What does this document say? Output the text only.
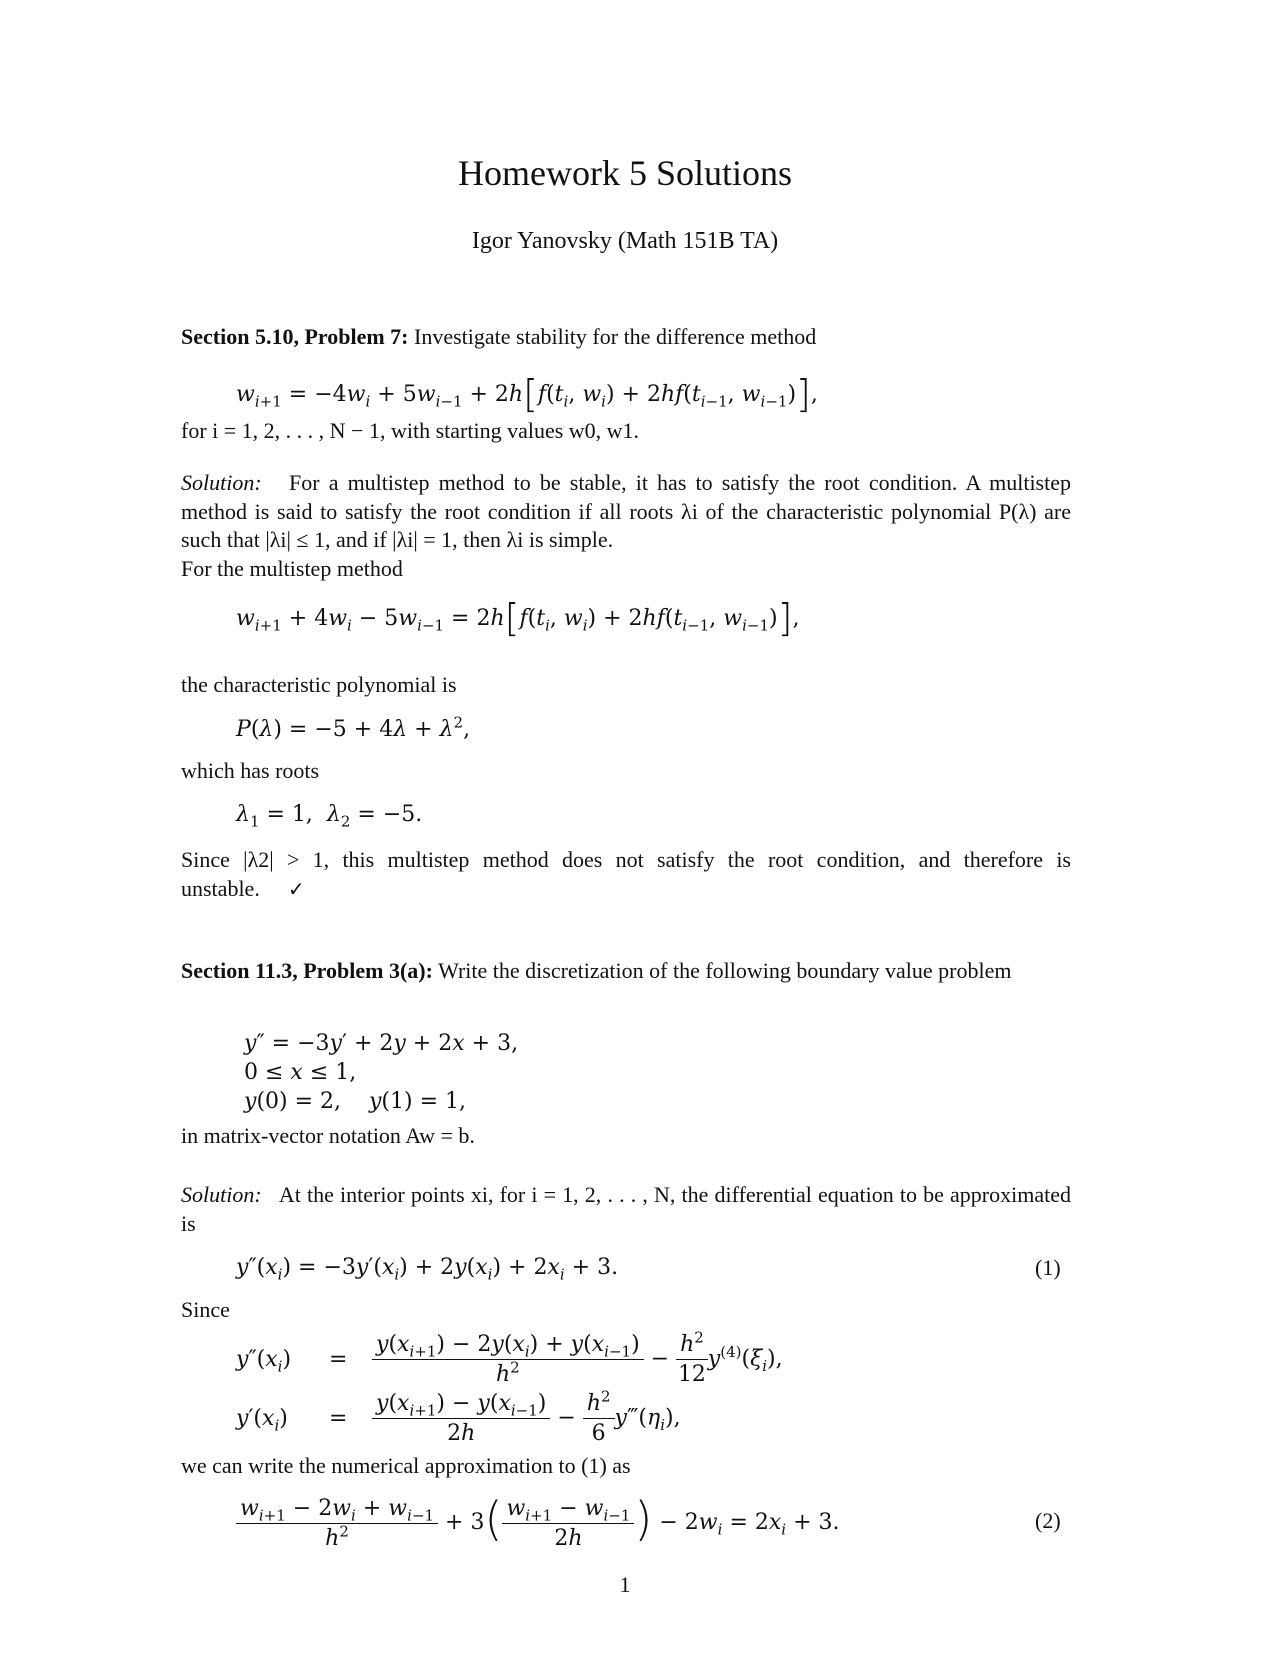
Homework 5 Solutions
Igor Yanovsky (Math 151B TA)
Section 5.10, Problem 7: Investigate stability for the difference method
$w_{i+1} = -4w_i + 5w_{i-1} + 2h[f(t_i$, $w_i) + 2hf(t_{i-1}$, $w_{i-1}$)],
for i = 1, 2, . . . , N − 1, with starting values w0, w1.
Solution: For a multistep method to be stable, it has to satisfy the root condition. A multistep method is said to satisfy the root condition if all roots λi of the characteristic polynomial P(λ) are such that |λi| ≤ 1, and if |λi| = 1, then λi is simple.
For the multistep method
$w_{i+1} + 4w_i - 5w_{i-1} = 2h[f(t_i$, $w_i) + 2hf(t_{i-1}$, $w_{i-1}$)],
the characteristic polynomial is
$P(\lambda) = -5 + 4\lambda + \lambda^2$,
which has roots
$\lambda_1 = 1$,  $\lambda_2 = -5$.
Since |λ2| > 1, this multistep method does not satisfy the root condition, and therefore is unstable. ✓
Section 11.3, Problem 3(a): Write the discretization of the following boundary value problem
y″ = −3y′ + 2y + 2x + 3,
0 ≤ x ≤ 1,
y(0) = 2,    y(1) = 1,
in matrix-vector notation Aw = b.
Solution: At the interior points xi, for i = 1, 2, . . . , N, the differential equation to be approximated is
$y''(x_i) = -3y'(x_i) + 2y(x_i) + 2x_i + 3$.	(1)
Since
$y''(x_i) = \frac{y(x_{i+1}) - 2y(x_i) + y(x_{i-1})}{h^2} - \frac{h^2}{12} y^{(4)}(\xi_i)$,
$y'(x_i) = \frac{y(x_{i+1}) - y(x_{i-1})}{2h} - \frac{h^2}{6}$ $y‴(\eta_i)$,
we can write the numerical approximation to (1) as
$\frac{w_{i+1} - 2w_i + w_{i-1}}{h^2} + 3( \frac{w_{i+1} - w_{i-1}}{2h}$ ) − $2w_i = 2x_i + 3$.	(2)
1
